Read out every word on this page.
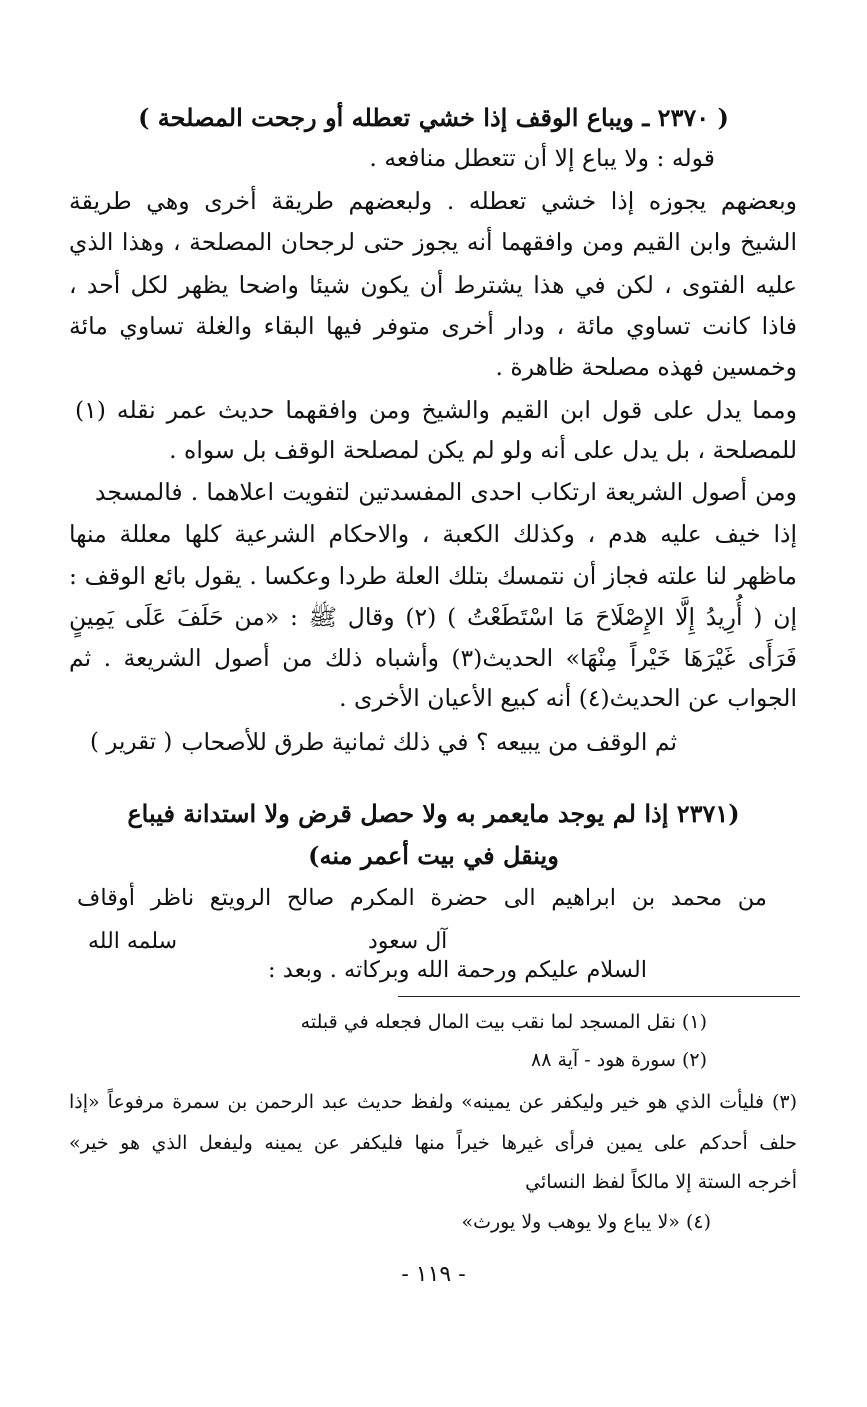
( ٢٣٧٠ ـ ويباع الوقف إذا خشي تعطله أو رجحت المصلحة )
قوله : ولا يباع إلا أن تتعطل منافعه .
وبعضهم يجوزه إذا خشي تعطله . ولبعضهم طريقة أخرى وهي طريقة
الشيخ وابن القيم ومن وافقهما أنه يجوز حتى لرجحان المصلحة ، وهذا الذي
عليه الفتوى ، لكن في هذا يشترط أن يكون شيئا واضحا يظهر لكل أحد ،
فاذا كانت تساوي مائة ، ودار أخرى متوفر فيها البقاء والغلة تساوي مائة
وخمسين فهذه مصلحة ظاهرة .
ومما يدل على قول ابن القيم والشيخ ومن وافقهما حديث عمر نقله (١)
للمصلحة ، بل يدل على أنه ولو لم يكن لمصلحة الوقف بل سواه .
ومن أصول الشريعة ارتكاب احدى المفسدتين لتفويت اعلاهما . فالمسجد
إذا خيف عليه هدم ، وكذلك الكعبة ، والاحكام الشرعية كلها معللة منها
ماظهر لنا علته فجاز أن نتمسك بتلك العلة طردا وعكسا . يقول بائع الوقف :
إن ( أُرِيدُ إِلَّا الإِصْلَاحَ مَا اسْتَطَعْتُ ) (٢) وقال ﷺ : «من حَلَفَ عَلَى يَمِينٍ
فَرَأَى غَيْرَهَا خَيْراً مِنْهَا» الحديث(٣) وأشباه ذلك من أصول الشريعة . ثم
الجواب عن الحديث(٤) أنه كبيع الأعيان الأخرى .
ثم الوقف من يبيعه ؟ في ذلك ثمانية طرق للأصحاب
( تقرير )
(٢٣٧١ إذا لم يوجد مايعمر به ولا حصل قرض ولا استدانة فيباع
وينقل في بيت أعمر منه)
من محمد بن ابراهيم الى حضرة المكرم صالح الرويتع ناظر أوقاف
آل سعود
سلمه الله
السلام عليكم ورحمة الله وبركاته . وبعد :
(١) نقل المسجد لما نقب بيت المال فجعله في قبلته
(٢) سورة هود - آية ٨٨
(٣) فليأت الذي هو خير وليكفر عن يمينه» ولفظ حديث عبد الرحمن بن سمرة مرفوعاً «إذا
حلف أحدكم على يمين فرأى غيرها خيراً منها فليكفر عن يمينه وليفعل الذي هو خير»
أخرجه الستة إلا مالكاً لفظ النسائي
(٤) «لا يباع ولا يوهب ولا يورث»
- ١١٩ -
